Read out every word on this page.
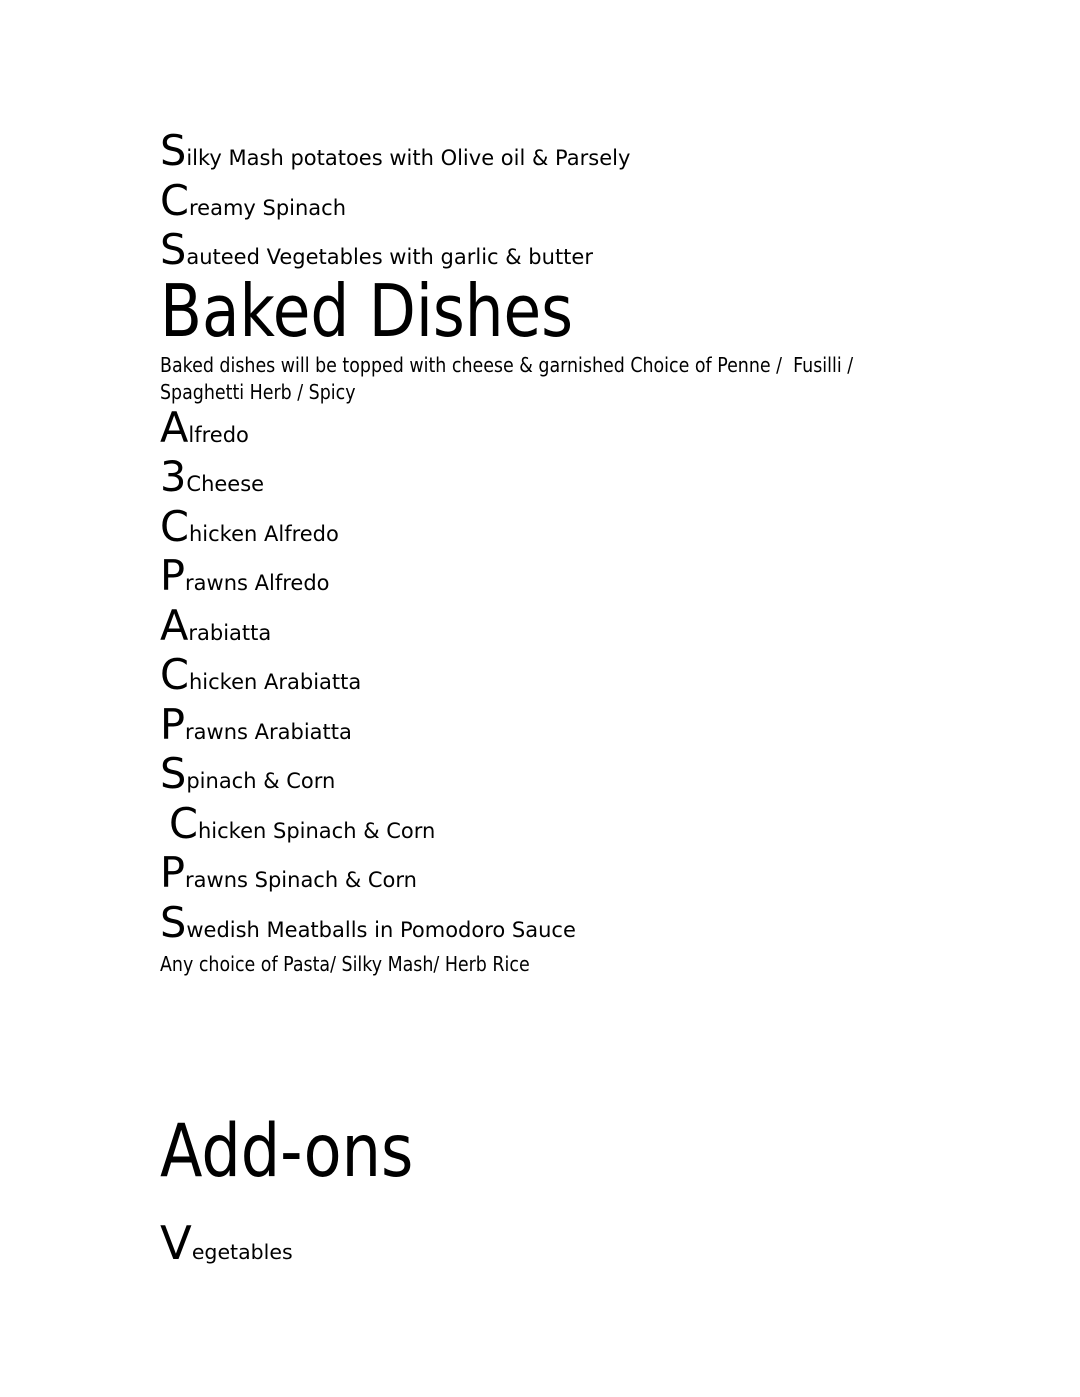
Silky Mash potatoes with Olive oil & Parsely
Creamy Spinach
Sauteed Vegetables with garlic & butter
Baked Dishes

Baked dishes will be topped with cheese & garnished Choice of Penne /  Fusilli / Spaghetti Herb / Spicy

Alfredo
3Cheese
Chicken Alfredo
Prawns Alfredo
Arabiatta
Chicken Arabiatta
Prawns Arabiatta
Spinach & Corn
Chicken Spinach & Corn
Prawns Spinach & Corn
Swedish Meatballs in Pomodoro Sauce

Any choice of Pasta/ Silky Mash/ Herb Rice

Add-ons
Vegetables
